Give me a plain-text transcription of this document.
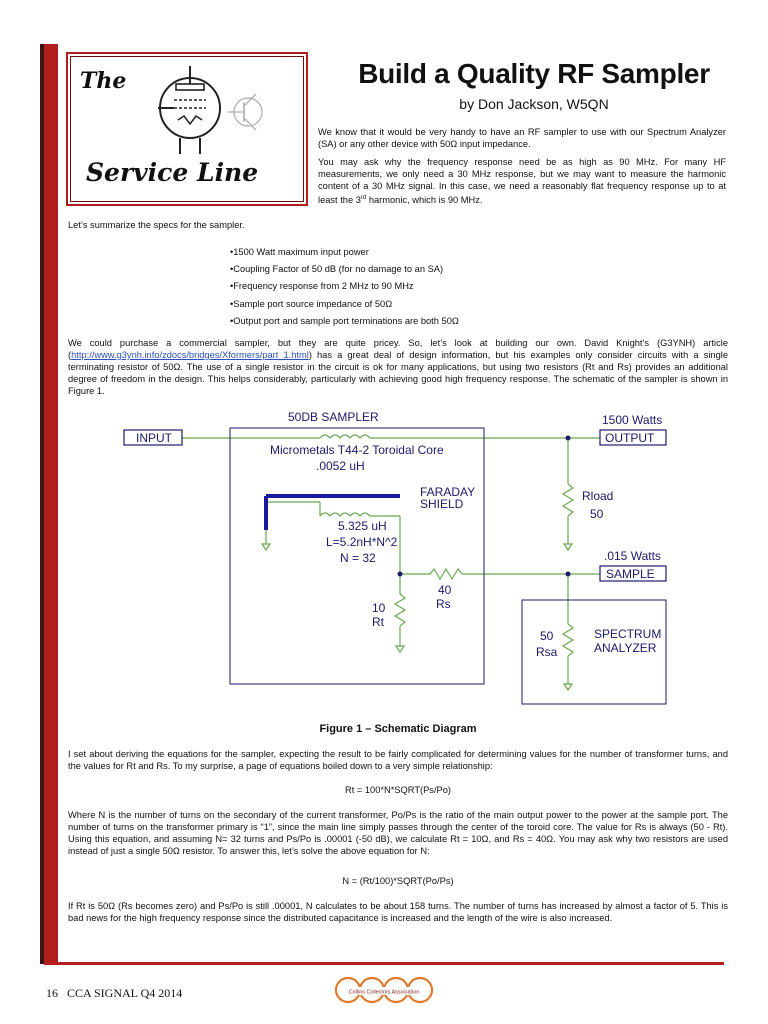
The
Service Line
Build a Quality RF Sampler
by Don Jackson, W5QN

We know that it would be very handy to have an RF sampler to use with our Spectrum Analyzer (SA) or any other device with 50Ω input impedance.

You may ask why the frequency response need be as high as 90 MHz. For many HF measurements, we only need a 30 MHz response, but we may want to measure the harmonic content of a 30 MHz signal. In this case, we need a reasonably flat frequency response up to at least the 3rd harmonic, which is 90 MHz.

Let’s summarize the specs for the sampler.
•1500 Watt maximum input power
•Coupling Factor of 50 dB (for no damage to an SA)
•Frequency response from 2 MHz to 90 MHz
•Sample port source impedance of 50Ω
•Output port and sample port terminations are both 50Ω
We could purchase a commercial sampler, but they are quite pricey. So, let’s look at building our own. David Knight’s (G3YNH) article (http://www.g3ynh.info/zdocs/bridges/Xformers/part_1.html) has a great deal of design information, but his examples only consider circuits with a single terminating resistor of 50Ω. The use of a single resistor in the circuit is ok for many applications, but using two resistors (Rt and Rs) provides an additional degree of freedom in the design. This helps considerably, particularly with achieving good high frequency response. The schematic of the sampler is shown in Figure 1.
50DB SAMPLER
Micrometals T44-2 Toroidal Core
.0052 uH
FARADAY
SHIELD
5.325 uH
L=5.2nH*N^2
N = 32
INPUT	OUTPUT
1500 Watts
Rload
50
SAMPLE
.015 Watts
40
Rs
10
Rt
50
Rsa
SPECTRUM
ANALYZER
Figure 1 – Schematic Diagram
I set about deriving the equations for the sampler, expecting the result to be fairly complicated for determining values for the number of transformer turns, and the values for Rt and Rs. To my surprise, a page of equations boiled down to a very simple relationship:
Rt = 100*N*SQRT(Ps/Po)
Where N is the number of turns on the secondary of the current transformer, Po/Ps is the ratio of the main output power to the power at the sample port. The number of turns on the transformer primary is “1”, since the main line simply passes through the center of the toroid core. The value for Rs is always (50 - Rt). Using this equation, and assuming N= 32 turns and Ps/Po is .00001 (-50 dB), we calculate Rt = 10Ω, and Rs = 40Ω. You may ask why two resistors are used instead of just a single 50Ω resistor. To answer this, let’s solve the above equation for N:
N = (Rt/100)*SQRT(Po/Ps)
If Rt is 50Ω (Rs becomes zero) and Ps/Po is still .00001, N calculates to be about 158 turns. The number of turns has increased by almost a factor of 5. This is bad news for the high frequency response since the distributed capacitance is increased and the length of the wire is also increased.
16 CCA SIGNAL Q4 2014	Collins Collectors Association
